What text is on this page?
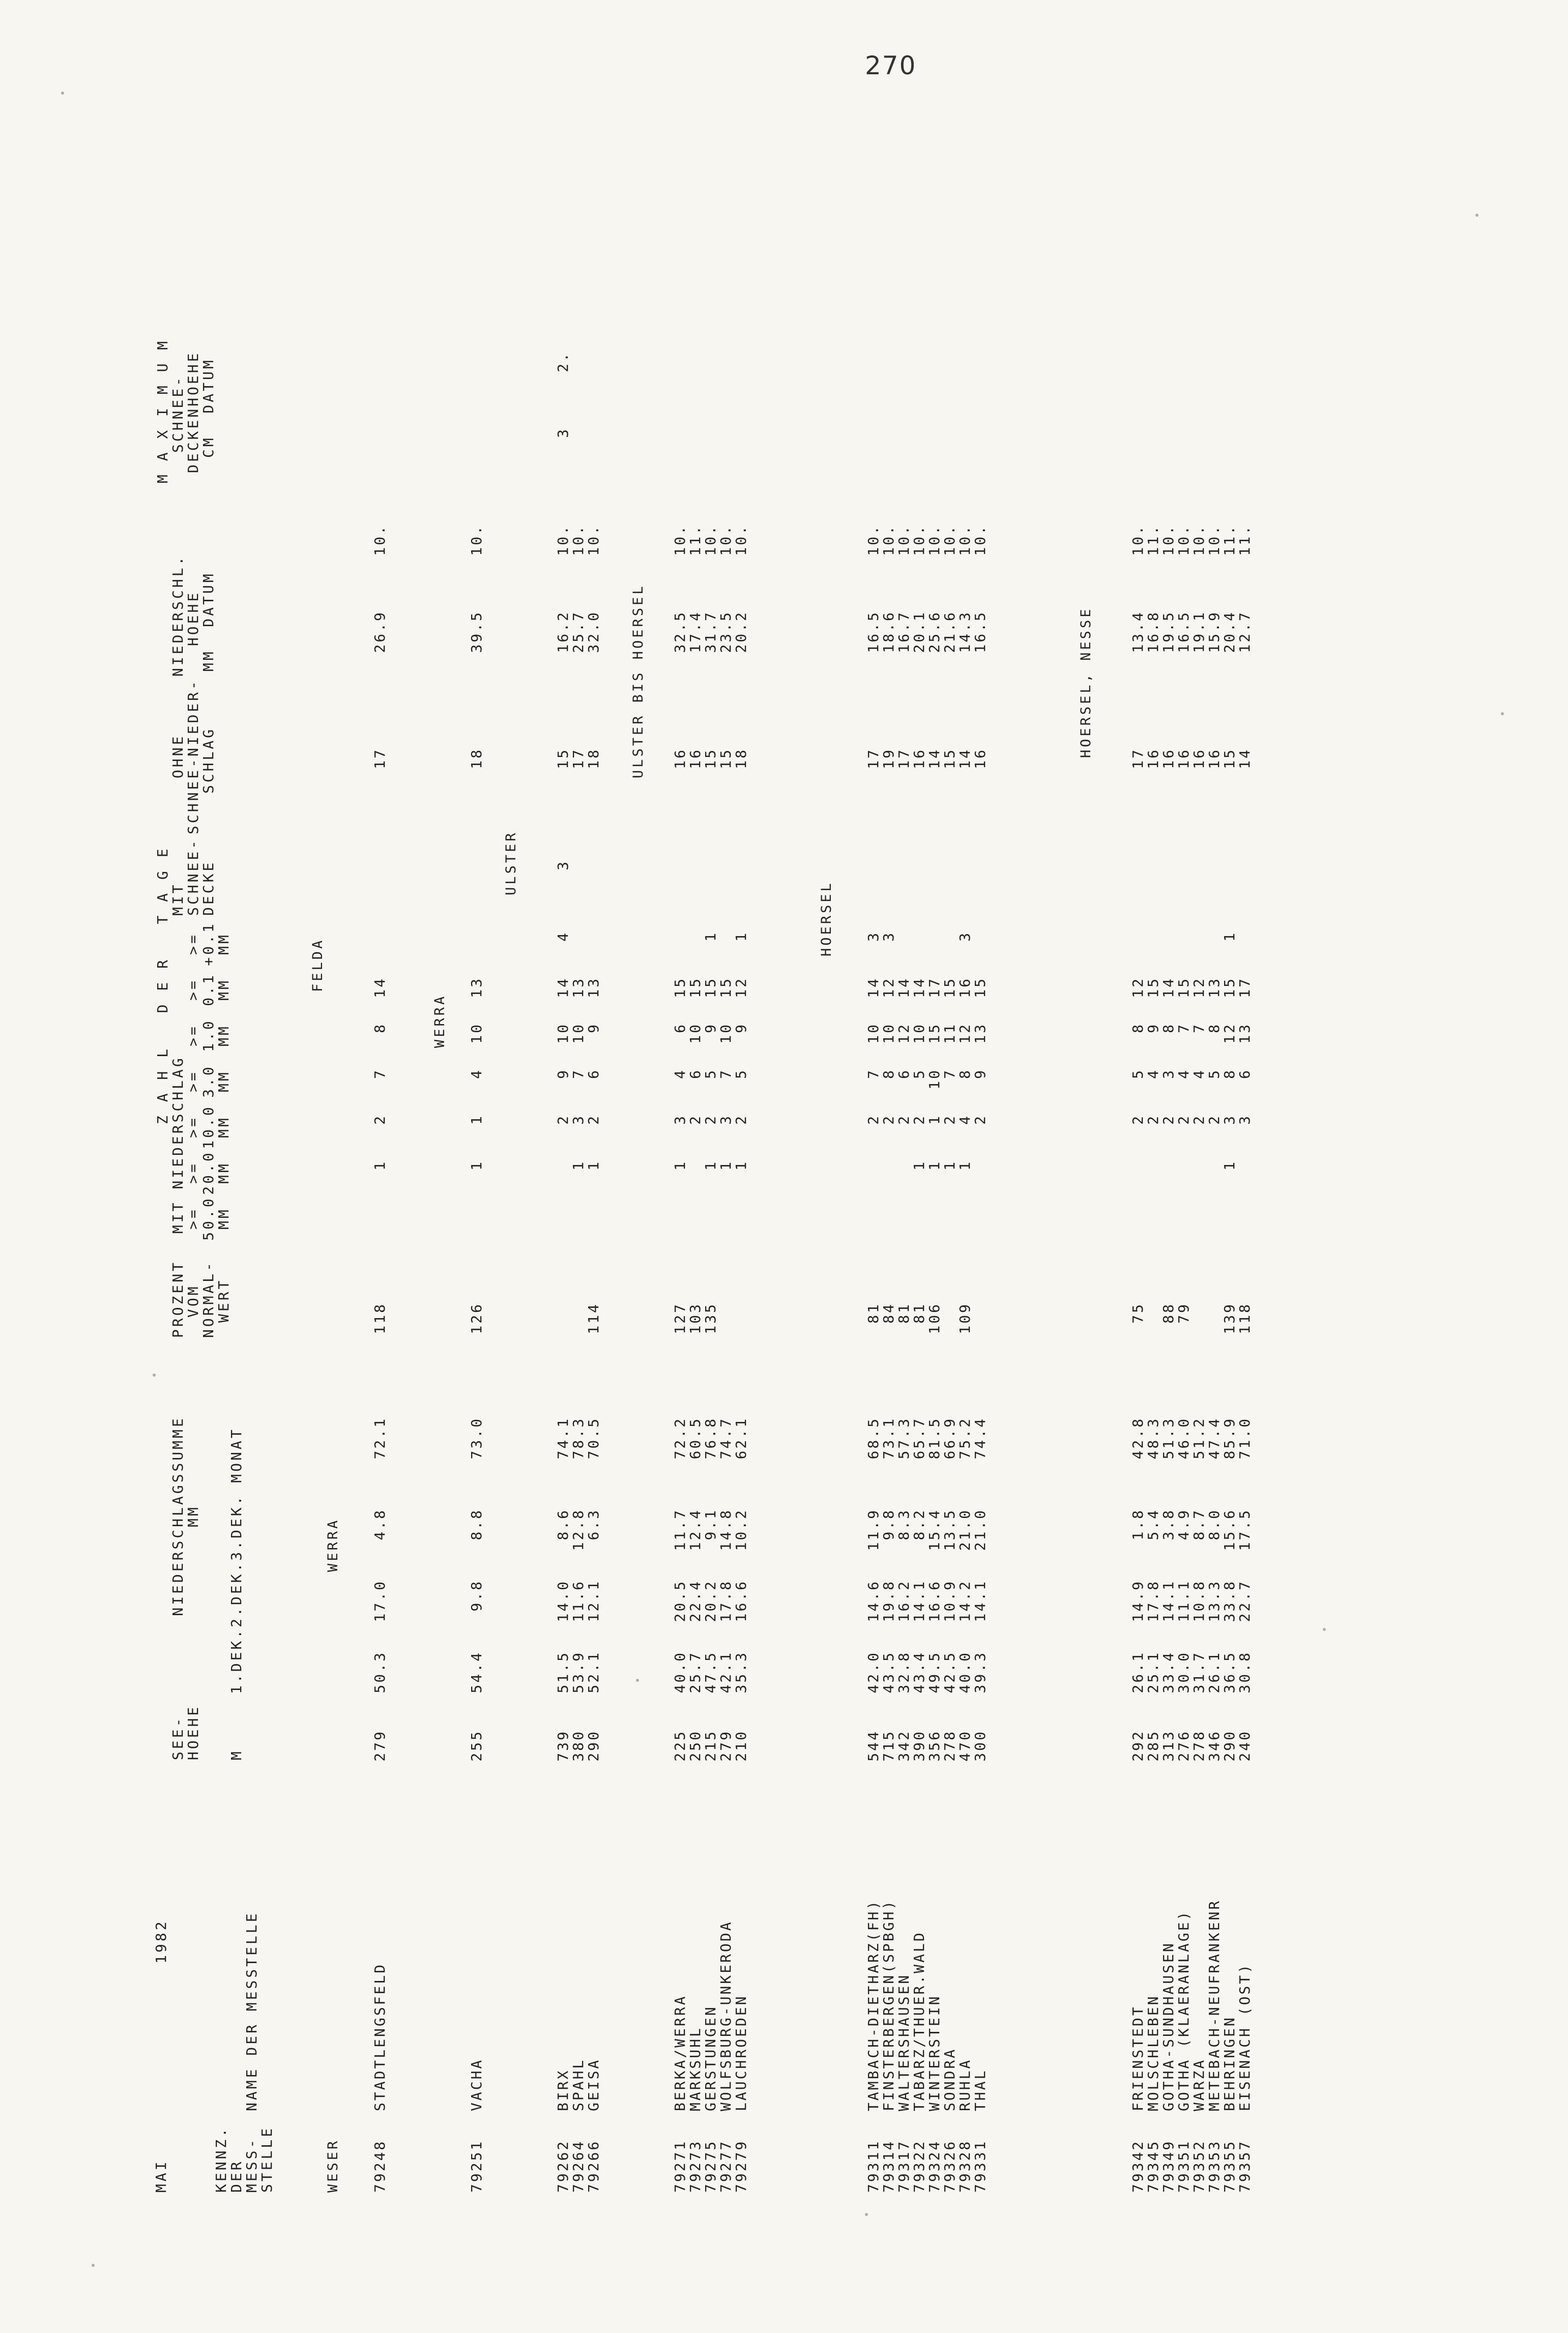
270
MAI
1982
KENNZ.
DER
MESS-
STELLE
NAME DER MESSTELLE
SEE-
HOEHE M
NIEDERSCHLAGSSUMME
MM 1.DEK.2.DEK.3.DEK. MONAT
PROZENT
VOM
NORMAL-
WERT
Z A H L   D E R   T A G E
MIT NIEDERSCHLAG
>=
>=
>=
>=
>=
>=
>=
50.0
20.0
10.0
3.0
1.0
0.1
+0.1
MM
MM
MM
MM
MM
MM
MM
MIT
SCHNEE-
DECKE
OHNE
SCHNEE-NIEDER-
SCHLAG
M A X I M U M
NIEDERSCHL.
HOEHE
MM  DATUM
SCHNEE-
DECKENHOEHE
CM  DATUM
WESER
WERRA
FELDA
WERRA
ULSTER
ULSTER BIS HOERSEL
HOERSEL
HOERSEL, NESSE
79248
STADTLENGSFELD
279
50.3
17.0
4.8
72.1
118
1
2
7
8
14
17
26.9
10.
79251
VACHA
255
54.4
9.8
8.8
73.0
126
1
1
4
10
13
18
39.5
10.
79262
BIRX
739
51.5
14.0
8.6
74.1
2
9
10
14
4
3
15
16.2
10.
3
2.
79264
SPAHL
380
53.9
11.6
12.8
78.3
1
3
7
10
13
17
25.7
10.
79266
GEISA
290
52.1
12.1
6.3
70.5
114
1
2
6
9
13
18
32.0
10.
79271
BERKA/WERRA
225
40.0
20.5
11.7
72.2
127
1
3
4
6
15
16
32.5
10.
79273
MARKSUHL
250
25.7
22.4
12.4
60.5
103
2
6
10
15
16
17.4
11.
79275
GERSTUNGEN
215
47.5
20.2
9.1
76.8
135
1
2
5
9
15
1
15
31.7
10.
79277
WOLFSBURG-UNKERODA
279
42.1
17.8
14.8
74.7
1
3
7
10
15
15
23.5
10.
79279
LAUCHROEDEN
210
35.3
16.6
10.2
62.1
1
2
5
9
12
1
18
20.2
10.
79311
TAMBACH-DIETHARZ(FH)
544
42.0
14.6
11.9
68.5
81
2
7
10
14
3
17
16.5
10.
79314
FINSTERBERGEN(SPBGH)
715
43.5
19.8
9.8
73.1
84
2
8
10
12
3
19
18.6
10.
79317
WALTERSHAUSEN
342
32.8
16.2
8.3
57.3
81
2
6
12
14
17
16.7
10.
79322
TABARZ/THUER.WALD
390
43.4
14.1
8.2
65.7
81
1
2
5
10
14
16
20.1
10.
79324
WINTERSTEIN
356
49.5
16.6
15.4
81.5
106
1
1
10
15
17
14
25.6
10.
79326
SONDRA
278
42.5
10.9
13.5
66.9
1
2
7
11
15
15
21.6
10.
79328
RUHLA
470
40.0
14.2
21.0
75.2
109
1
4
8
12
16
3
14
14.3
10.
79331
THAL
300
39.3
14.1
21.0
74.4
2
9
13
15
16
16.5
10.
79342
FRIENSTEDT
292
26.1
14.9
1.8
42.8
75
2
5
8
12
17
13.4
10.
79345
MOLSCHLEBEN
285
25.1
17.8
5.4
48.3
2
4
9
15
16
16.8
11.
79349
GOTHA-SUNDHAUSEN
313
33.4
14.1
3.8
51.3
88
2
3
8
14
16
19.5
10.
79351
GOTHA (KLAERANLAGE)
276
30.0
11.1
4.9
46.0
79
2
4
7
15
16
16.5
10.
79352
WARZA
278
31.7
10.8
8.7
51.2
2
4
7
12
16
19.1
10.
79353
METEBACH-NEUFRANKENR
346
26.1
13.3
8.0
47.4
2
5
8
13
16
15.9
10.
79355
BEHRINGEN
290
36.5
33.8
15.6
85.9
139
1
3
8
12
15
1
15
20.4
11.
79357
EISENACH (OST)
240
30.8
22.7
17.5
71.0
118
3
6
13
17
14
12.7
11.
